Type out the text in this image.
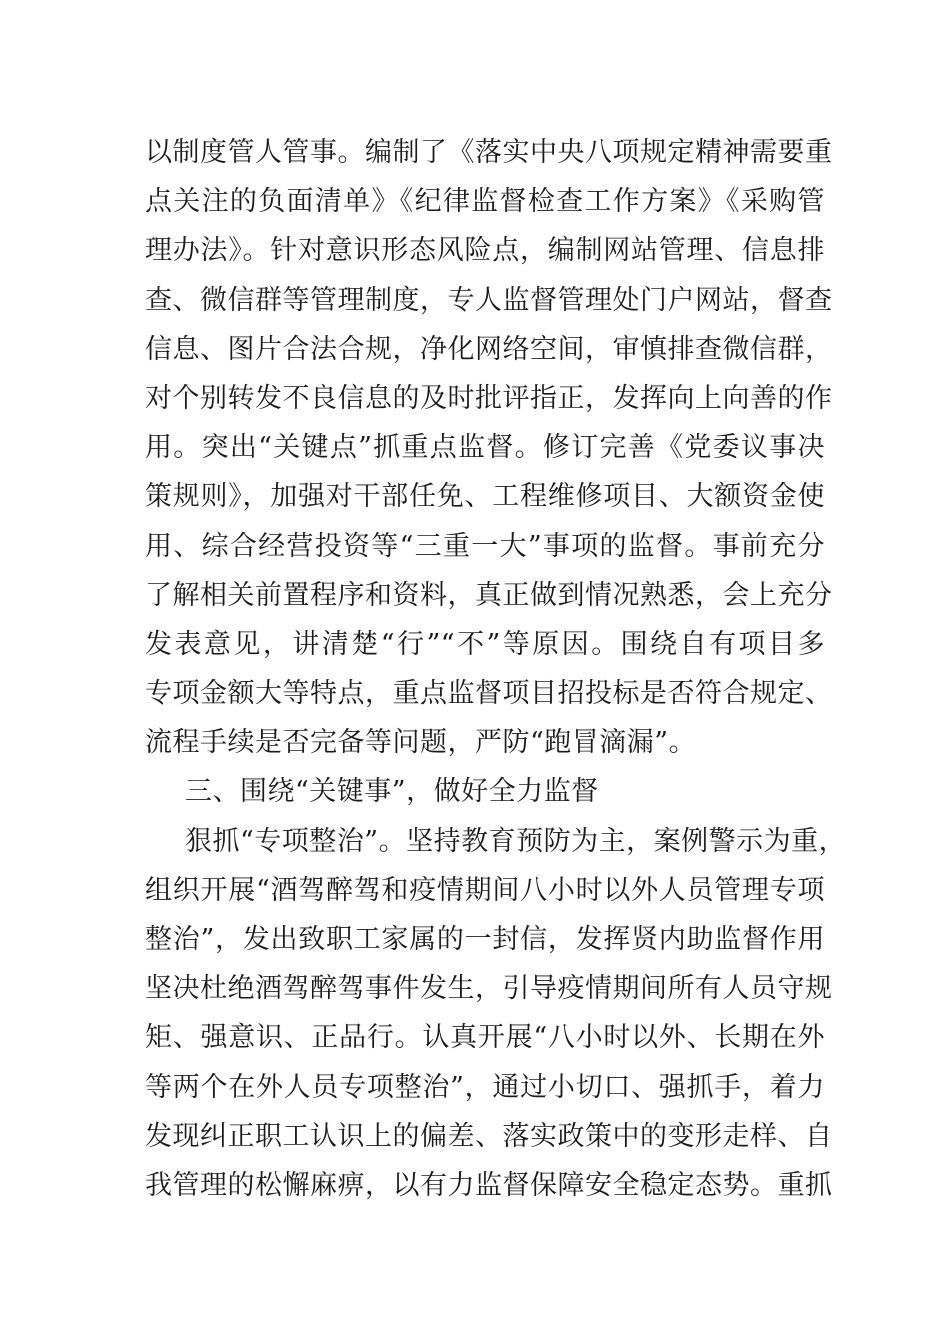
以制度管人管事。编制了《落实中央八项规定精神需要重
点关注的负面清单》《纪律监督检查工作方案》《采购管
理办法》。针对意识形态风险点，编制网站管理、信息排
查、微信群等管理制度，专人监督管理处门户网站，督查
信息、图片合法合规，净化网络空间，审慎排查微信群，
对个别转发不良信息的及时批评指正，发挥向上向善的作
用。突出“关键点”抓重点监督。修订完善《党委议事决
策规则》，加强对干部任免、工程维修项目、大额资金使
用、综合经营投资等“三重一大”事项的监督。事前充分
了解相关前置程序和资料，真正做到情况熟悉，会上充分
发表意见，讲清楚“行”“不”等原因。围绕自有项目多
专项金额大等特点，重点监督项目招投标是否符合规定、
流程手续是否完备等问题，严防“跑冒滴漏”。
三、围绕“关键事”，做好全力监督
狠抓“专项整治”。坚持教育预防为主，案例警示为重，
组织开展“酒驾醉驾和疫情期间八小时以外人员管理专项
整治”，发出致职工家属的一封信，发挥贤内助监督作用
坚决杜绝酒驾醉驾事件发生，引导疫情期间所有人员守规
矩、强意识、正品行。认真开展“八小时以外、长期在外
等两个在外人员专项整治”，通过小切口、强抓手，着力
发现纠正职工认识上的偏差、落实政策中的变形走样、自
我管理的松懈麻痹，以有力监督保障安全稳定态势。重抓
